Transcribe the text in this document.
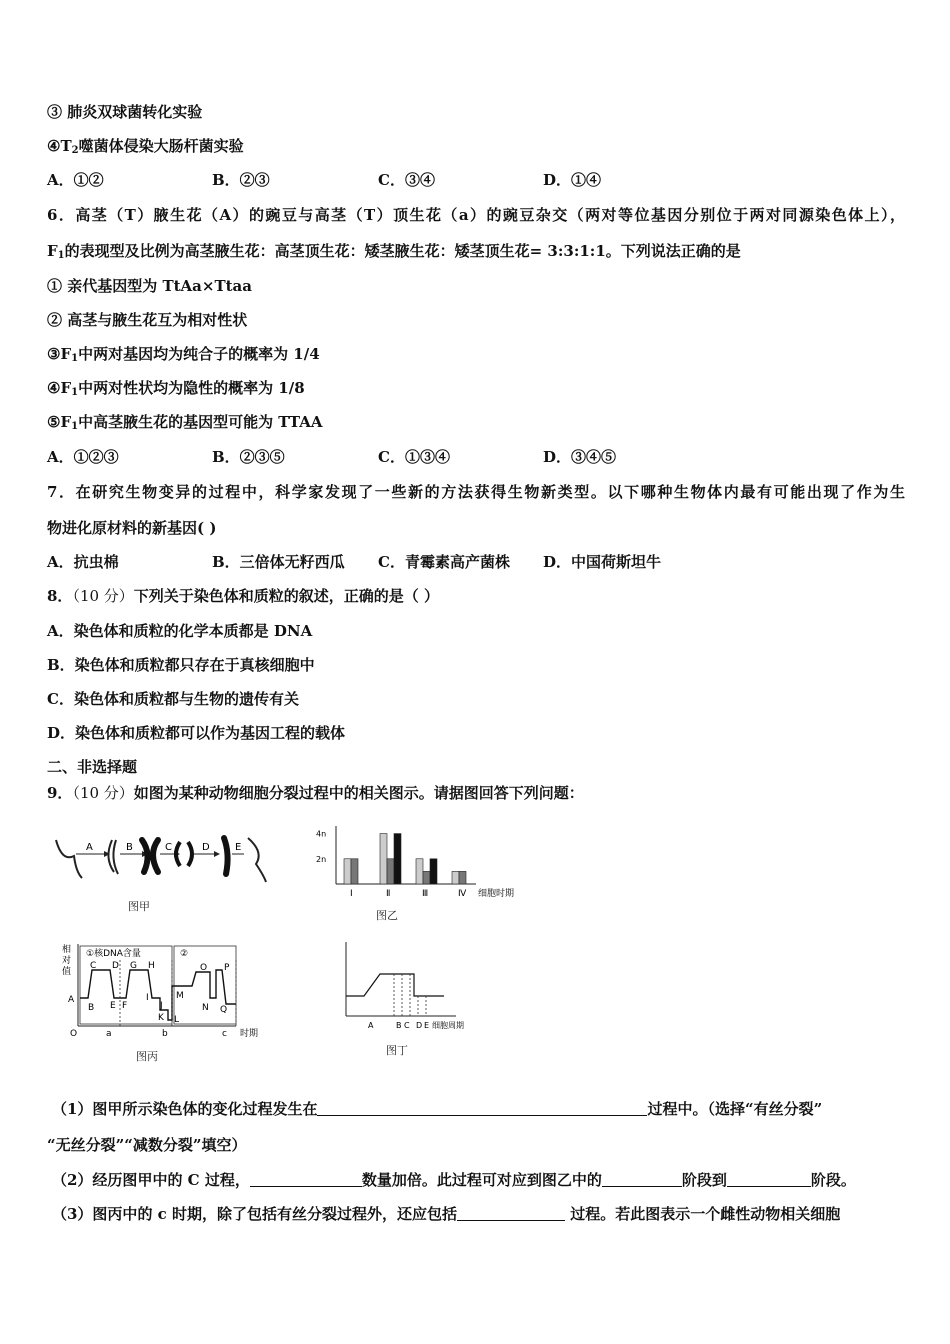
③ 肺炎双球菌转化实验
$④T_2$噬菌体侵染大肠杆菌实验
A．①②	B．②③	C．③④	D．①④
6．高茎（T）腋生花（A）的豌豆与高茎（T）顶生花（a）的豌豆杂交（两对等位基因分别位于两对同源染色体上），
$F_1$的表现型及比例为高茎腋生花：高茎顶生花：矮茎腋生花：矮茎顶生花= 3:3:1:1。下列说法正确的是
① 亲代基因型为 TtAa×Ttaa
② 高茎与腋生花互为相对性状
$③F_1$中两对基因均为纯合子的概率为 1/4
$④F_1$中两对性状均为隐性的概率为 1/8
$⑤F_1$中高茎腋生花的基因型可能为 TTAA
A．①②③	B．②③⑤	C．①③④	D．③④⑤
7．在研究生物变异的过程中，科学家发现了一些新的方法获得生物新类型。以下哪种生物体内最有可能出现了作为生
物进化原材料的新基因( )
A．抗虫棉	B．三倍体无籽西瓜 C．青霉素高产菌株 D．中国荷斯坦牛
8．（10 分）下列关于染色体和质粒的叙述，正确的是（ ）
A．染色体和质粒的化学本质都是 DNA
B．染色体和质粒都只存在于真核细胞中
C．染色体和质粒都与生物的遗传有关
D．染色体和质粒都可以作为基因工程的载体
二、非选择题
9．（10 分）如图为某种动物细胞分裂过程中的相关图示。请据图回答下列问题：
A	B	C	D	E
图甲
4n
2n
细胞时期
Ⅰ	Ⅱ	Ⅲ	Ⅳ
图乙
相
对
值
①核DNA含量	②
A
B
C D
E F
G H
I
J
K L
M
N
O P
Q
O	a	b	c 时期
图丙
A	B C D E 细胞周期
图丁
（1）图甲所示染色体的变化过程发生在	过程中。（选择“有丝分裂”
“无丝分裂”“减数分裂”填空）
（2）经历图甲中的 C 过程，	数量加倍。此过程可对应到图乙中的	阶段到	阶段。
（3）图丙中的 c 时期，除了包括有丝分裂过程外，还应包括	过程。若此图表示一个雌性动物相关细胞
